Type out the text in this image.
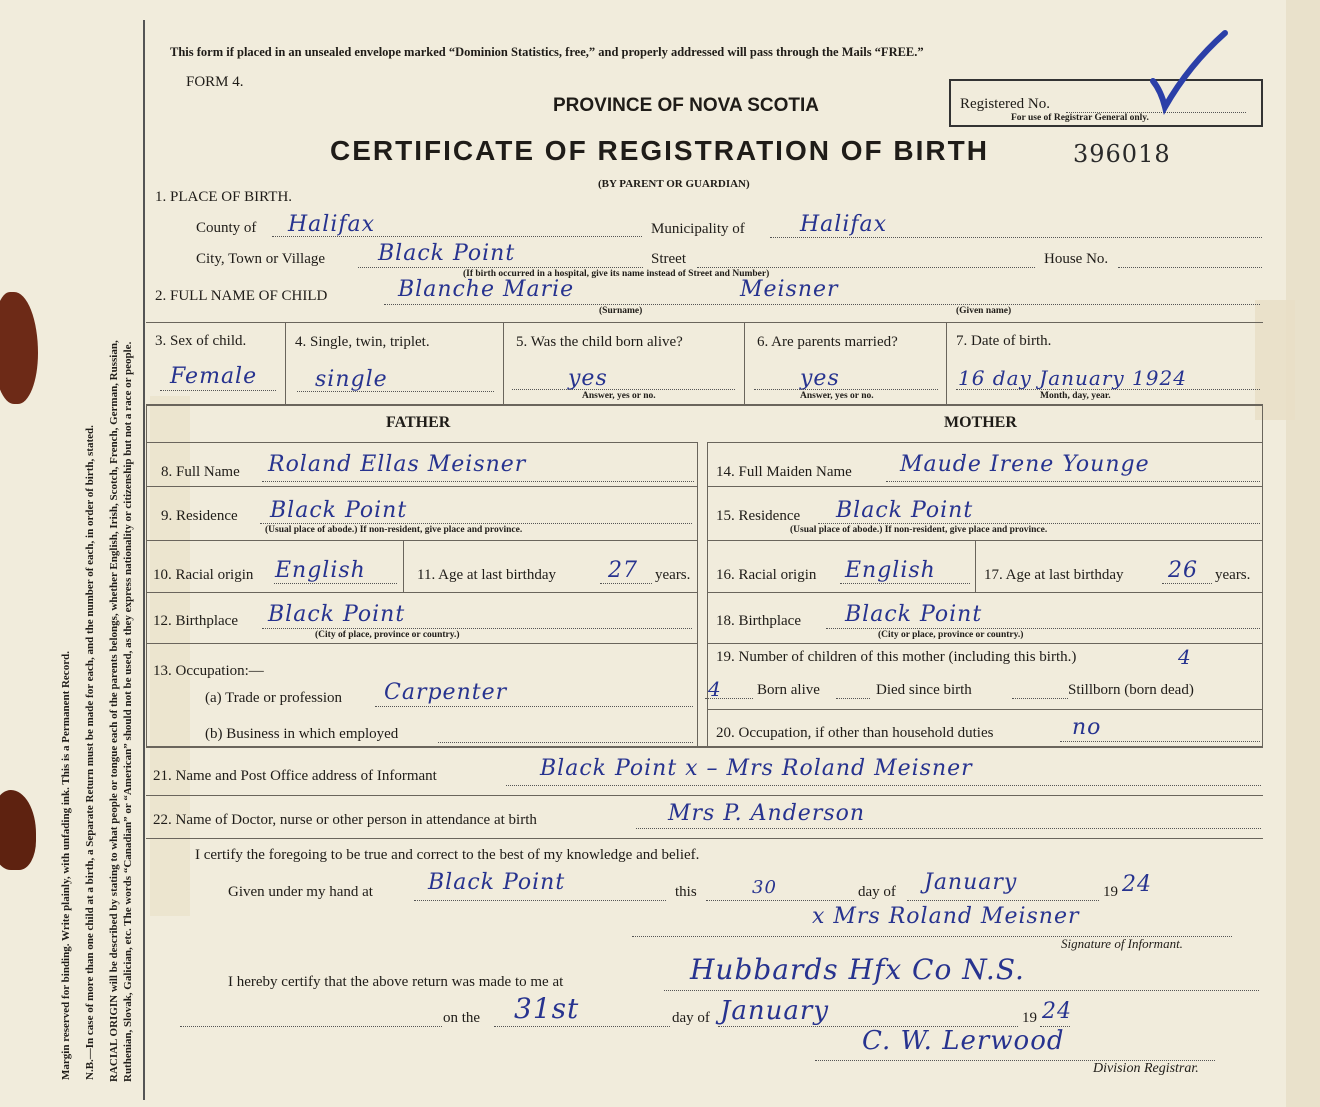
Margin reserved for binding. Write plainly, with unfading ink. This is a Permanent Record. N.B.—In case of more than one child at a birth, a Separate Return must be made for each, and the number of each, in order of birth, stated. RACIAL ORIGIN will be described by stating to what people or tongue each of the parents belongs, whether English, Irish, Scotch, French, German, Russian, Ruthenian, Slovak, Galician, etc. The words “Canadian” or “American” should not be used, as they express nationality or citizenship but not a race or people.
This form if placed in an unsealed envelope marked “Dominion Statistics, free,” and properly addressed will pass through the Mails “FREE.”
FORM 4.
PROVINCE OF NOVA SCOTIA
CERTIFICATE OF REGISTRATION OF BIRTH	396018
(BY PARENT OR GUARDIAN)
Registered No.
For use of Registrar General only.
1. PLACE OF BIRTH.
County of Halifax	Municipality of	Halifax
City, Town or Village Black Point	Street	House No.
(If birth occurred in a hospital, give its name instead of Street and Number)
2. FULL NAME OF CHILD	Blanche Marie	Meisner
(Surname)	(Given name)
3. Sex of child.
Female
4. Single, twin, triplet.
single
5. Was the child born alive?
yes
Answer, yes or no.
6. Are parents married?
yes
Answer, yes or no.
7. Date of birth.
16 day January 1924
Month, day, year.
FATHER	MOTHER
8. Full Name Roland Ellas Meisner
9. Residence Black Point
(Usual place of abode.) If non-resident, give place and province.
10. Racial origin English	11. Age at last birthday 27 years.
12. Birthplace Black Point
(City of place, province or country.)
13. Occupation:—
(a) Trade or profession Carpenter
(b) Business in which employed
14. Full Maiden Name Maude Irene Younge
15. Residence Black Point
(Usual place of abode.) If non-resident, give place and province.
16. Racial origin English	17. Age at last birthday 26 years.
18. Birthplace Black Point
(City or place, province or country.)
19. Number of children of this mother (including this birth.)	4
4 Born alive	Died since birth	Stillborn (born dead)
20. Occupation, if other than household duties	no
21. Name and Post Office address of Informant	Black Point x – Mrs Roland Meisner
22. Name of Doctor, nurse or other person in attendance at birth	Mrs P. Anderson
I certify the foregoing to be true and correct to the best of my knowledge and belief.
Given under my hand at	Black Point	this	30	day of January	19 24
x Mrs Roland Meisner
Signature of Informant.
I hereby certify that the above return was made to me at	Hubbards Hfx Co N.S.
on the 31st	day of January	19 24
C. W. Lerwood
Division Registrar.
